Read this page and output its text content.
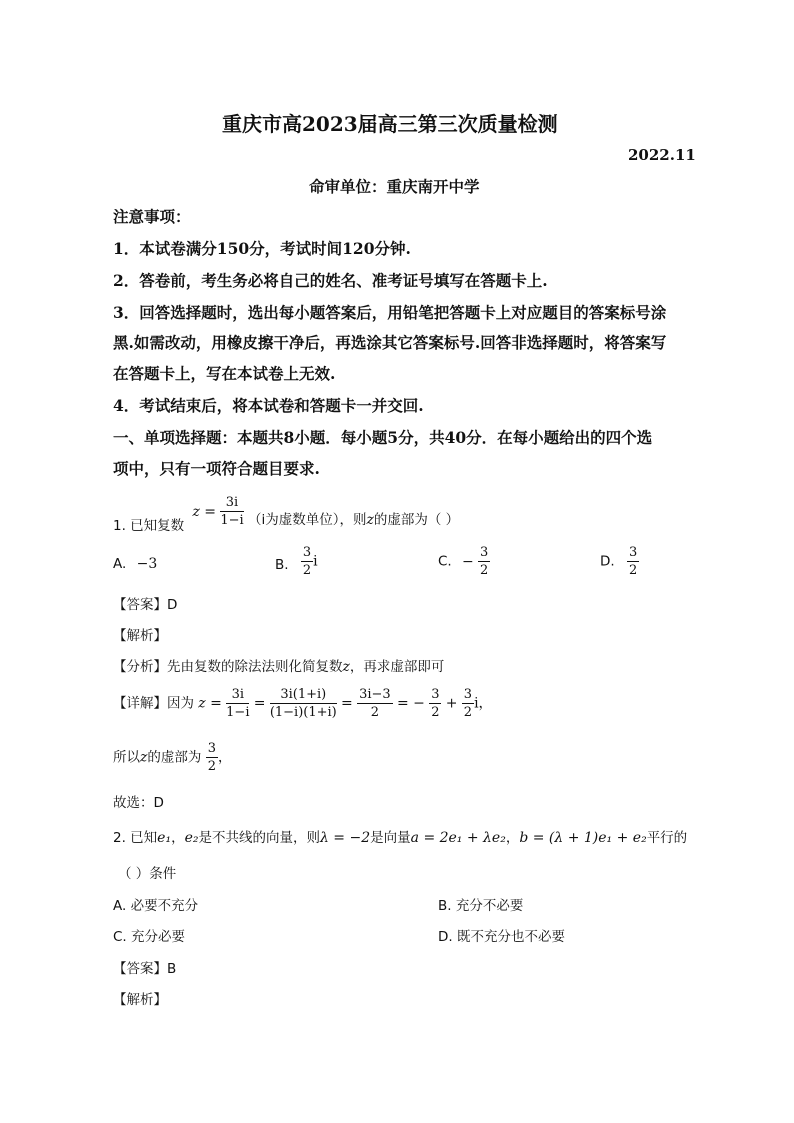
重庆市高2023届高三第三次质量检测
2022.11
命审单位：重庆南开中学
注意事项：
1．本试卷满分150分，考试时间120分钟.
2．答卷前，考生务必将自己的姓名、准考证号填写在答题卡上.
3．回答选择题时，选出每小题答案后，用铅笔把答题卡上对应题目的答案标号涂
黑.如需改动，用橡皮擦干净后，再选涂其它答案标号.回答非选择题时，将答案写
在答题卡上，写在本试卷上无效.
4．考试结束后，将本试卷和答题卡一并交回.
一、单项选择题：本题共8小题．每小题5分，共40分．在每小题给出的四个选
项中，只有一项符合题目要求.
1. 已知复数 $z = \frac{3i}{1-i} (i$为虚数单位），则z的虚部为（ ）
A. −3	B. $\frac{3}{2}$ i	C. − $\frac{3}{2}$	D. $\frac{3}{2}$
【答案】D
【解析】
【分析】先由复数的除法法则化简复数z，再求虚部即可
【详解】因为 $z = \frac{3i}{1-i} = \frac{3i(1+i)}{(1-i)(1+i)} = \frac{3i-3}{2}$ = − $\frac{3}{2} + \frac{3}{2}$ i，
所以z的虚部为 $\frac{3}{2}$ ，
故选：D
2. 已知e₁，e₂是不共线的向量，则λ = −2是向量a = 2e₁ + λe₂，b = (λ + 1)e₁ + e₂平行的
（ ）条件
A. 必要不充分	B. 充分不必要
C. 充分必要	D. 既不充分也不必要
【答案】B
【解析】
